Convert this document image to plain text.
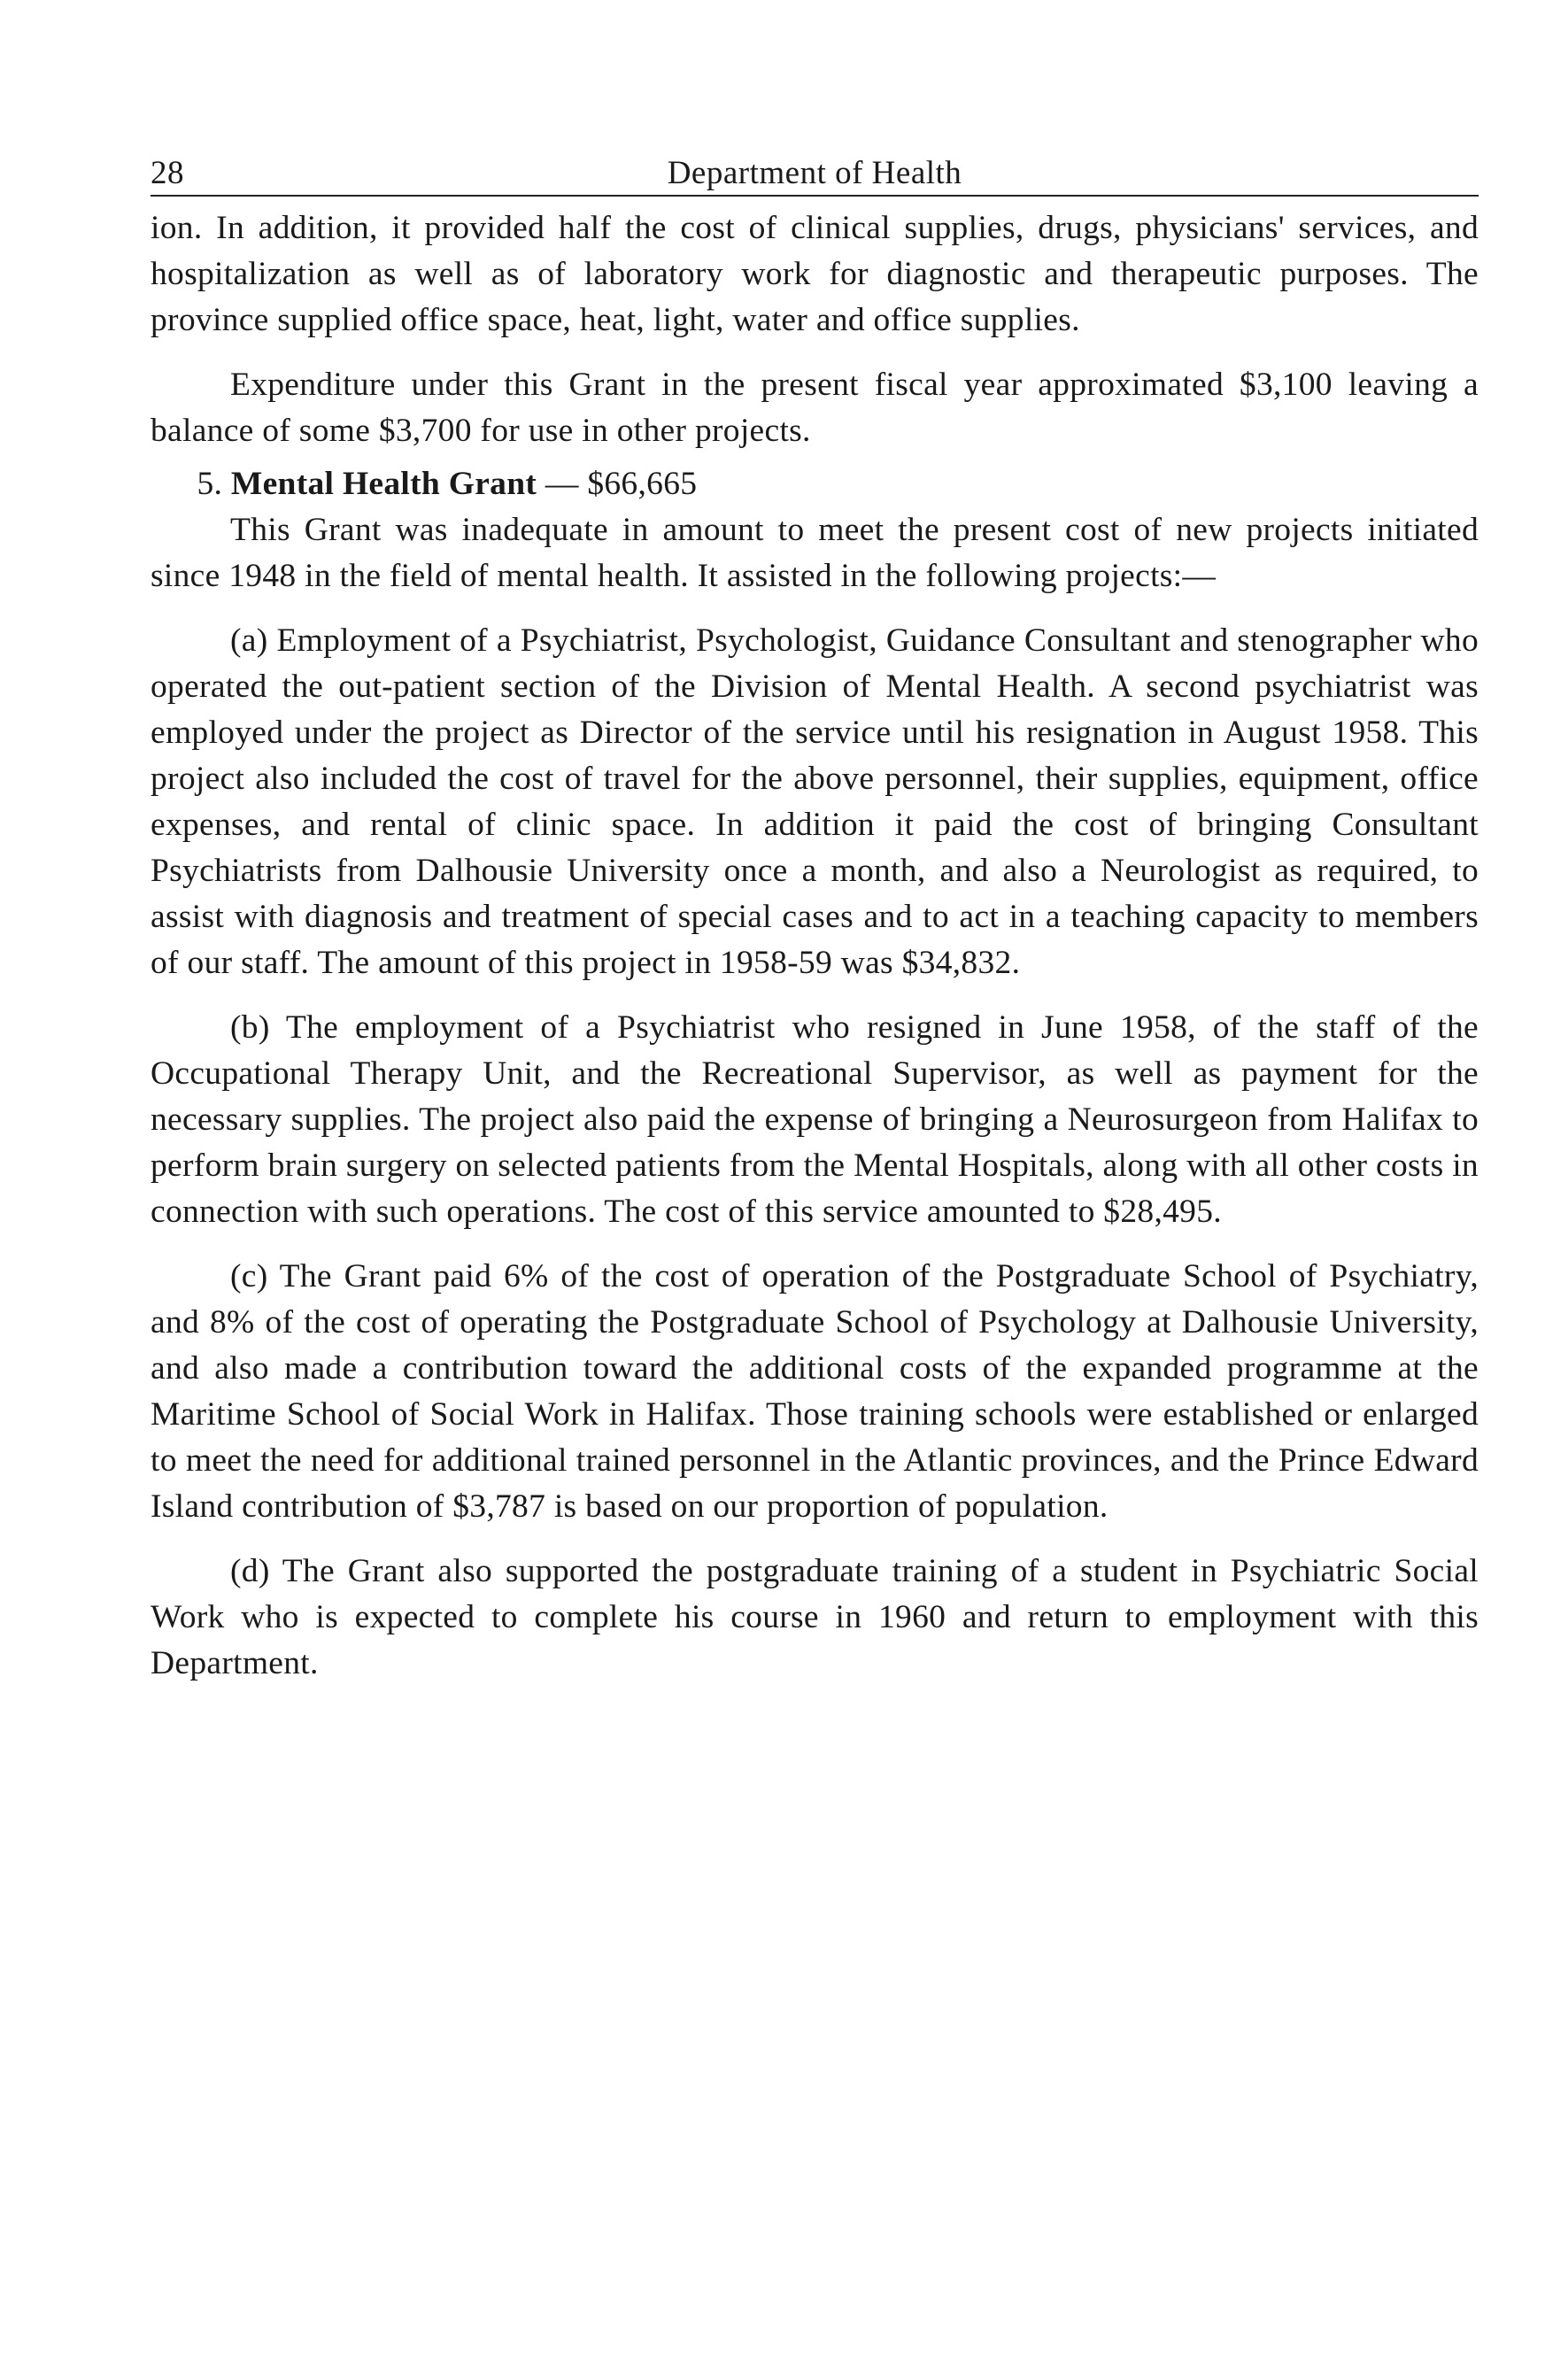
28	Department of Health

ion. In addition, it provided half the cost of clinical supplies, drugs, physicians' services, and hospitalization as well as of laboratory work for diagnostic and therapeutic purposes. The province supplied office space, heat, light, water and office supplies.

Expenditure under this Grant in the present fiscal year approximated $3,100 leaving a balance of some $3,700 for use in other projects.

5. Mental Health Grant — $66,665

This Grant was inadequate in amount to meet the present cost of new projects initiated since 1948 in the field of mental health. It assisted in the following projects:—

(a) Employment of a Psychiatrist, Psychologist, Guidance Consultant and stenographer who operated the out-patient section of the Division of Mental Health. A second psychiatrist was employed under the project as Director of the service until his resignation in August 1958. This project also included the cost of travel for the above personnel, their supplies, equipment, office expenses, and rental of clinic space. In addition it paid the cost of bringing Consultant Psychiatrists from Dalhousie University once a month, and also a Neurologist as required, to assist with diagnosis and treatment of special cases and to act in a teaching capacity to members of our staff. The amount of this project in 1958-59 was $34,832.

(b) The employment of a Psychiatrist who resigned in June 1958, of the staff of the Occupational Therapy Unit, and the Recreational Supervisor, as well as payment for the necessary supplies. The project also paid the expense of bringing a Neurosurgeon from Halifax to perform brain surgery on selected patients from the Mental Hospitals, along with all other costs in connection with such operations. The cost of this service amounted to $28,495.

(c) The Grant paid 6% of the cost of operation of the Postgraduate School of Psychiatry, and 8% of the cost of operating the Postgraduate School of Psychology at Dalhousie University, and also made a contribution toward the additional costs of the expanded programme at the Maritime School of Social Work in Halifax. Those training schools were established or enlarged to meet the need for additional trained personnel in the Atlantic provinces, and the Prince Edward Island contribution of $3,787 is based on our proportion of population.

(d) The Grant also supported the postgraduate training of a student in Psychiatric Social Work who is expected to complete his course in 1960 and return to employment with this Department.
